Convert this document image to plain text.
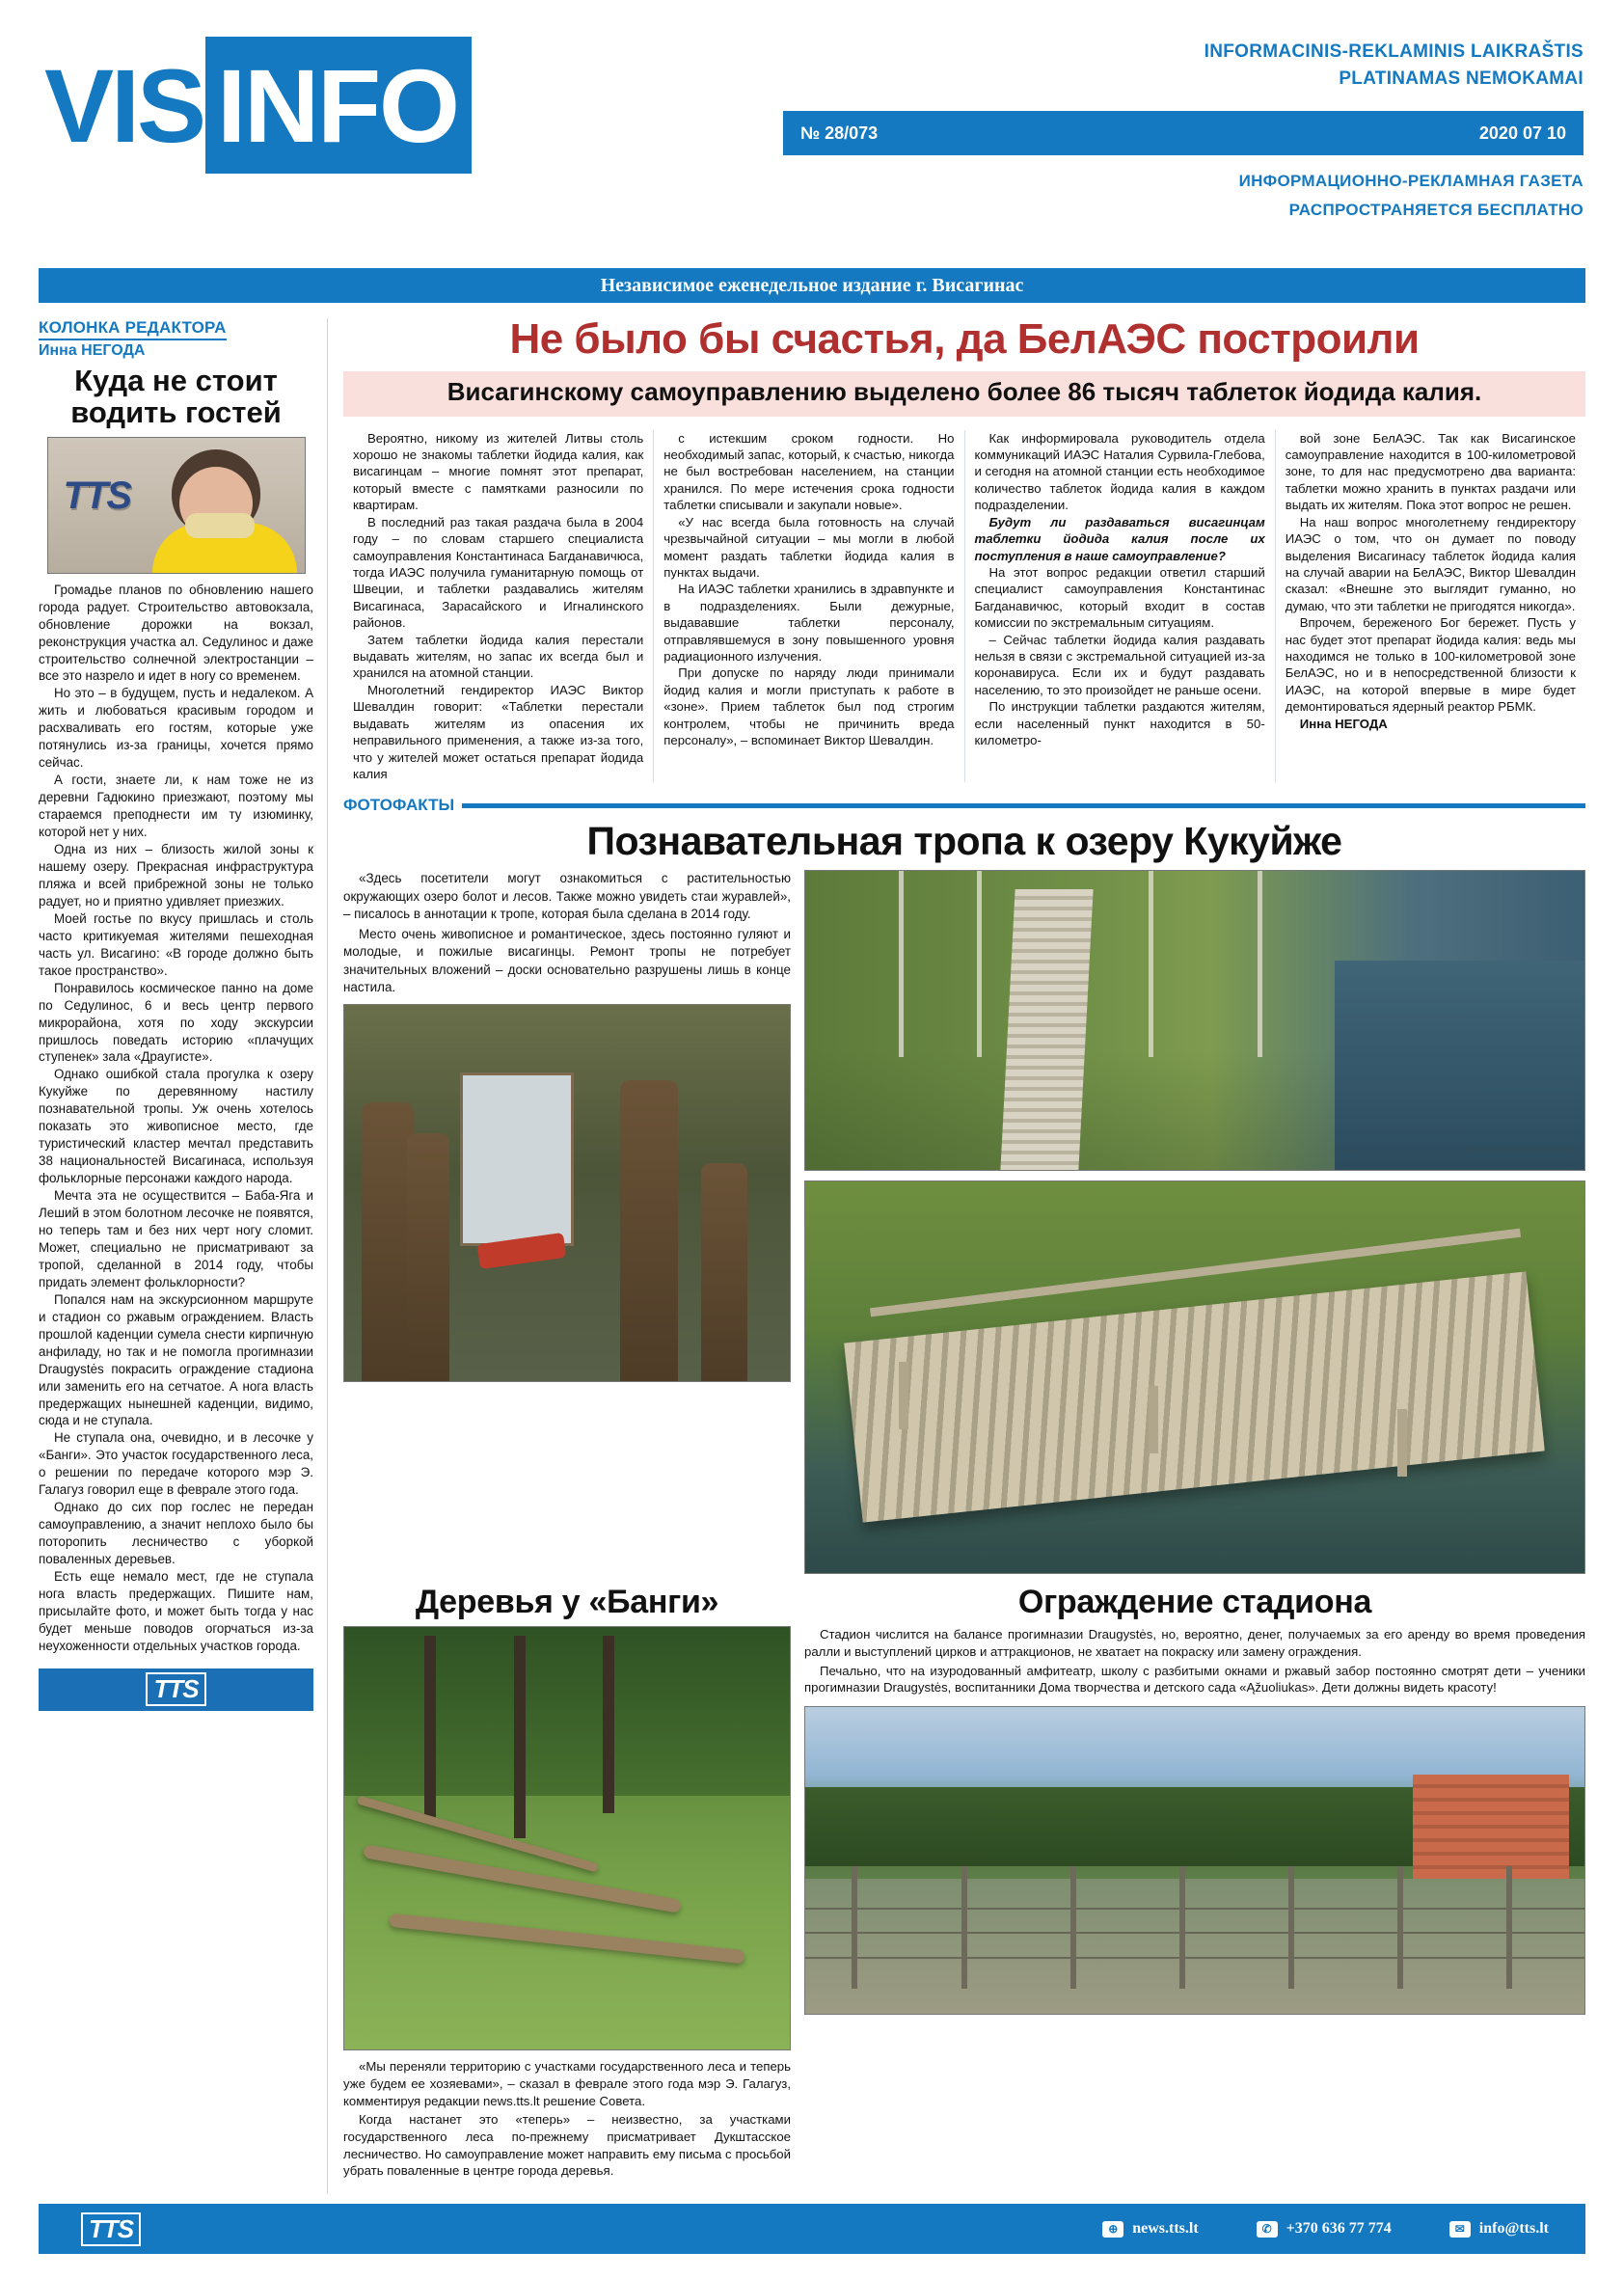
VIS INFO	INFORMACINIS-REKLAMINIS LAIKRAŠTIS
PLATINAMAS NEMOKAMAI
№ 28/073	2020 07 10
ИНФОРМАЦИОННО-РЕКЛАМНАЯ ГАЗЕТА
РАСПРОСТРАНЯЕТСЯ БЕСПЛАТНО
Независимое еженедельное издание г. Висагинас
КОЛОНКА РЕДАКТОРА
Инна НЕГОДА
Куда не стоит водить гостей
TTS

Громадье планов по обновлению нашего города радует. Строительство автовокзала, обновление дорожки на вокзал, реконструкция участка ал. Седулинос и даже строительство солнечной электростанции – все это назрело и идет в ногу со временем.

Но это – в будущем, пусть и недалеком. А жить и любоваться красивым городом и расхваливать его гостям, которые уже потянулись из-за границы, хочется прямо сейчас.

А гости, знаете ли, к нам тоже не из деревни Гадюкино приезжают, поэтому мы стараемся преподнести им ту изюминку, которой нет у них.

Одна из них – близость жилой зоны к нашему озеру. Прекрасная инфраструктура пляжа и всей прибрежной зоны не только радует, но и приятно удивляет приезжих.

Моей гостье по вкусу пришлась и столь часто критикуемая жителями пешеходная часть ул. Висагино: «В городе должно быть такое пространство».

Понравилось космическое панно на доме по Седулинос, 6 и весь центр первого микрорайона, хотя по ходу экскурсии пришлось поведать историю «плачущих ступенек» зала «Драугисте».

Однако ошибкой стала прогулка к озеру Кукуйже по деревянному настилу познавательной тропы. Уж очень хотелось показать это живописное место, где туристический кластер мечтал представить 38 национальностей Висагинаса, используя фольклорные персонажи каждого народа.

Мечта эта не осуществится – Баба-Яга и Леший в этом болотном лесочке не появятся, но теперь там и без них черт ногу сломит. Может, специально не присматривают за тропой, сделанной в 2014 году, чтобы придать элемент фольклорности?

Попался нам на экскурсионном маршруте и стадион со ржавым ограждением. Власть прошлой каденции сумела снести кирпичную анфиладу, но так и не помогла прогимназии Draugystės покрасить ограждение стадиона или заменить его на сетчатое. А нога власть предержащих нынешней каденции, видимо, сюда и не ступала.

Не ступала она, очевидно, и в лесочке у «Банги». Это участок государственного леса, о решении по передаче которого мэр Э. Галагуз говорил еще в феврале этого года.

Однако до сих пор гослес не передан самоуправлению, а значит неплохо было бы поторопить лесничество с уборкой поваленных деревьев.

Есть еще немало мест, где не ступала нога власть предержащих. Пишите нам, присылайте фото, и может быть тогда у нас будет меньше поводов огорчаться из-за неухоженности отдельных участков города.

TTS
Не было бы счастья, да БелАЭС построили
Висагинскому самоуправлению выделено более 86 тысяч таблеток йодида калия.

Вероятно, никому из жителей Литвы столь хорошо не знакомы таблетки йодида калия, как висагинцам – многие помнят этот препарат, который вместе с памятками разносили по квартирам.

В последний раз такая раздача была в 2004 году – по словам старшего специалиста самоуправления Константинаса Багданавичюса, тогда ИАЭС получила гуманитарную помощь от Швеции, и таблетки раздавались жителям Висагинаса, Зарасайского и Игналинского районов.

Затем таблетки йодида калия перестали выдавать жителям, но запас их всегда был и хранился на атомной станции.

Многолетний гендиректор ИАЭС Виктор Шевалдин говорит: «Таблетки перестали выдавать жителям из опасения их неправильного применения, а также из-за того, что у жителей может остаться препарат йодида калия

с истекшим сроком годности. Но необходимый запас, который, к счастью, никогда не был востребован населением, на станции хранился. По мере истечения срока годности таблетки списывали и закупали новые».

«У нас всегда была готовность на случай чрезвычайной ситуации – мы могли в любой момент раздать таблетки йодида калия в пунктах выдачи.

На ИАЭС таблетки хранились в здравпункте и в подразделениях. Были дежурные, выдававшие таблетки персоналу, отправлявшемуся в зону повышенного уровня радиационного излучения.

При допуске по наряду люди принимали йодид калия и могли приступать к работе в «зоне». Прием таблеток был под строгим контролем, чтобы не причинить вреда персоналу», – вспоминает Виктор Шевалдин.

Как информировала руководитель отдела коммуникаций ИАЭС Наталия Сурвила-Глебова, и сегодня на атомной станции есть необходимое количество таблеток йодида калия в каждом подразделении.

Будут ли раздаваться висагинцам таблетки йодида калия после их поступления в наше самоуправление?

На этот вопрос редакции ответил старший специалист самоуправления Константинас Багданавичюс, который входит в состав комиссии по экстремальным ситуациям.

– Сейчас таблетки йодида калия раздавать нельзя в связи с экстремальной ситуацией из-за коронавируса. Если их и будут раздавать населению, то это произойдет не раньше осени.

По инструкции таблетки раздаются жителям, если населенный пункт находится в 50-километро-

вой зоне БелАЭС. Так как Висагинское самоуправление находится в 100-километровой зоне, то для нас предусмотрено два варианта: таблетки можно хранить в пунктах раздачи или выдать их жителям. Пока этот вопрос не решен.

На наш вопрос многолетнему гендиректору ИАЭС о том, что он думает по поводу выделения Висагинасу таблеток йодида калия на случай аварии на БелАЭС, Виктор Шевалдин сказал: «Внешне это выглядит гуманно, но думаю, что эти таблетки не пригодятся никогда».

Впрочем, береженого Бог бережет. Пусть у нас будет этот препарат йодида калия: ведь мы находимся не только в 100-километровой зоне БелАЭС, но и в непосредственной близости к ИАЭС, на которой впервые в мире будет демонтироваться ядерный реактор РБМК.

Инна НЕГОДА

ФОТОФАКТЫ
Познавательная тропа к озеру Кукуйже

«Здесь посетители могут ознакомиться с растительностью окружающих озеро болот и лесов. Также можно увидеть стаи журавлей», – писалось в аннотации к тропе, которая была сделана в 2014 году.

Место очень живописное и романтическое, здесь постоянно гуляют и молодые, и пожилые висагинцы. Ремонт тропы не потребует значительных вложений – доски основательно разрушены лишь в конце настила.

Деревья у «Банги»

«Мы переняли территорию с участками государственного леса и теперь уже будем ее хозяевами», – сказал в феврале этого года мэр Э. Галагуз, комментируя редакции news.tts.lt решение Совета.

Когда настанет это «теперь» – неизвестно, за участками государственного леса по-прежнему присматривает Дукштасское лесничество. Но самоуправление может направить ему письма с просьбой убрать поваленные в центре города деревья.

Ограждение стадиона

Стадион числится на балансе прогимназии Draugystės, но, вероятно, денег, получаемых за его аренду во время проведения ралли и выступлений цирков и аттракционов, не хватает на покраску или замену ограждения.

Печально, что на изуродованный амфитеатр, школу с разбитыми окнами и ржавый забор постоянно смотрят дети – ученики прогимназии Draugystės, воспитанники Дома творчества и детского сада «Ąžuoliukas». Дети должны видеть красоту!

TTS	⊕ news.tts.lt	✆ +370 636 77 774	✉ info@tts.lt
